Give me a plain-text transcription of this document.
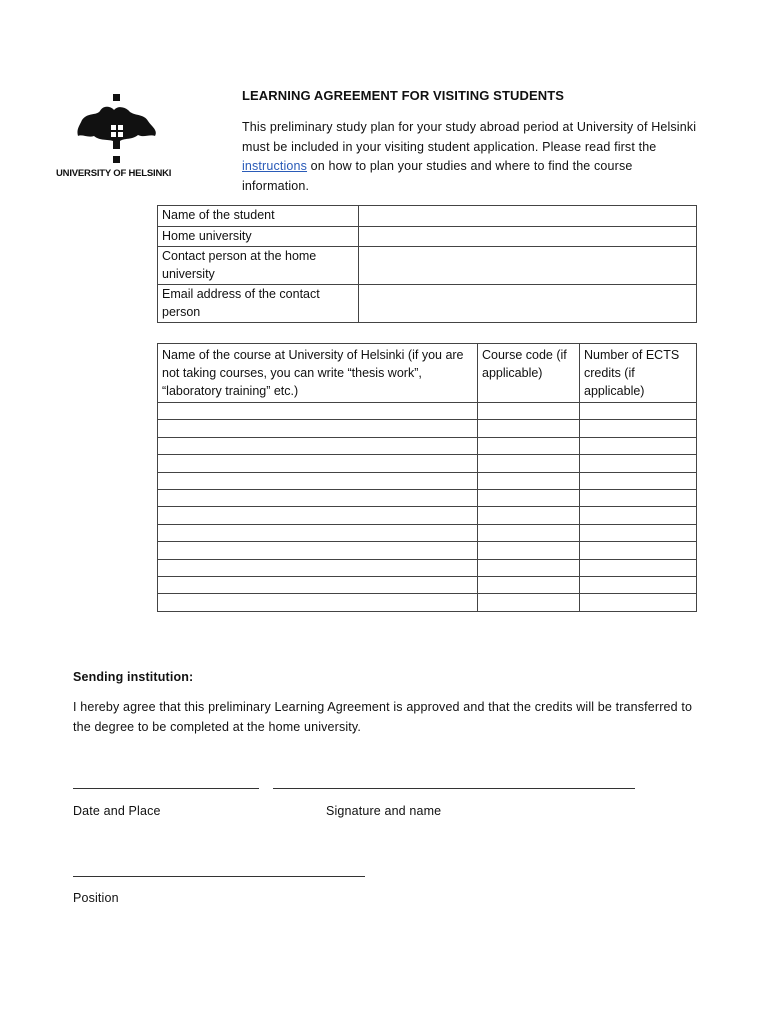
UNIVERSITY OF HELSINKI
LEARNING AGREEMENT FOR VISITING STUDENTS
This preliminary study plan for your study abroad period at University of Helsinki must be included in your visiting student application. Please read first the instructions on how to plan your studies and where to find the course information.
Name of the student	
Home university	
Contact person at the home university	
Email address of the contact person	
Name of the course at University of Helsinki (if you are not taking courses, you can write “thesis work”, “laboratory training” etc.)	Course code (if applicable)	Number of ECTS credits (if applicable)

Sending institution:
I hereby agree that this preliminary Learning Agreement is approved and that the credits will be transferred to the degree to be completed at the home university.
Date and Place	Signature and name
Position
